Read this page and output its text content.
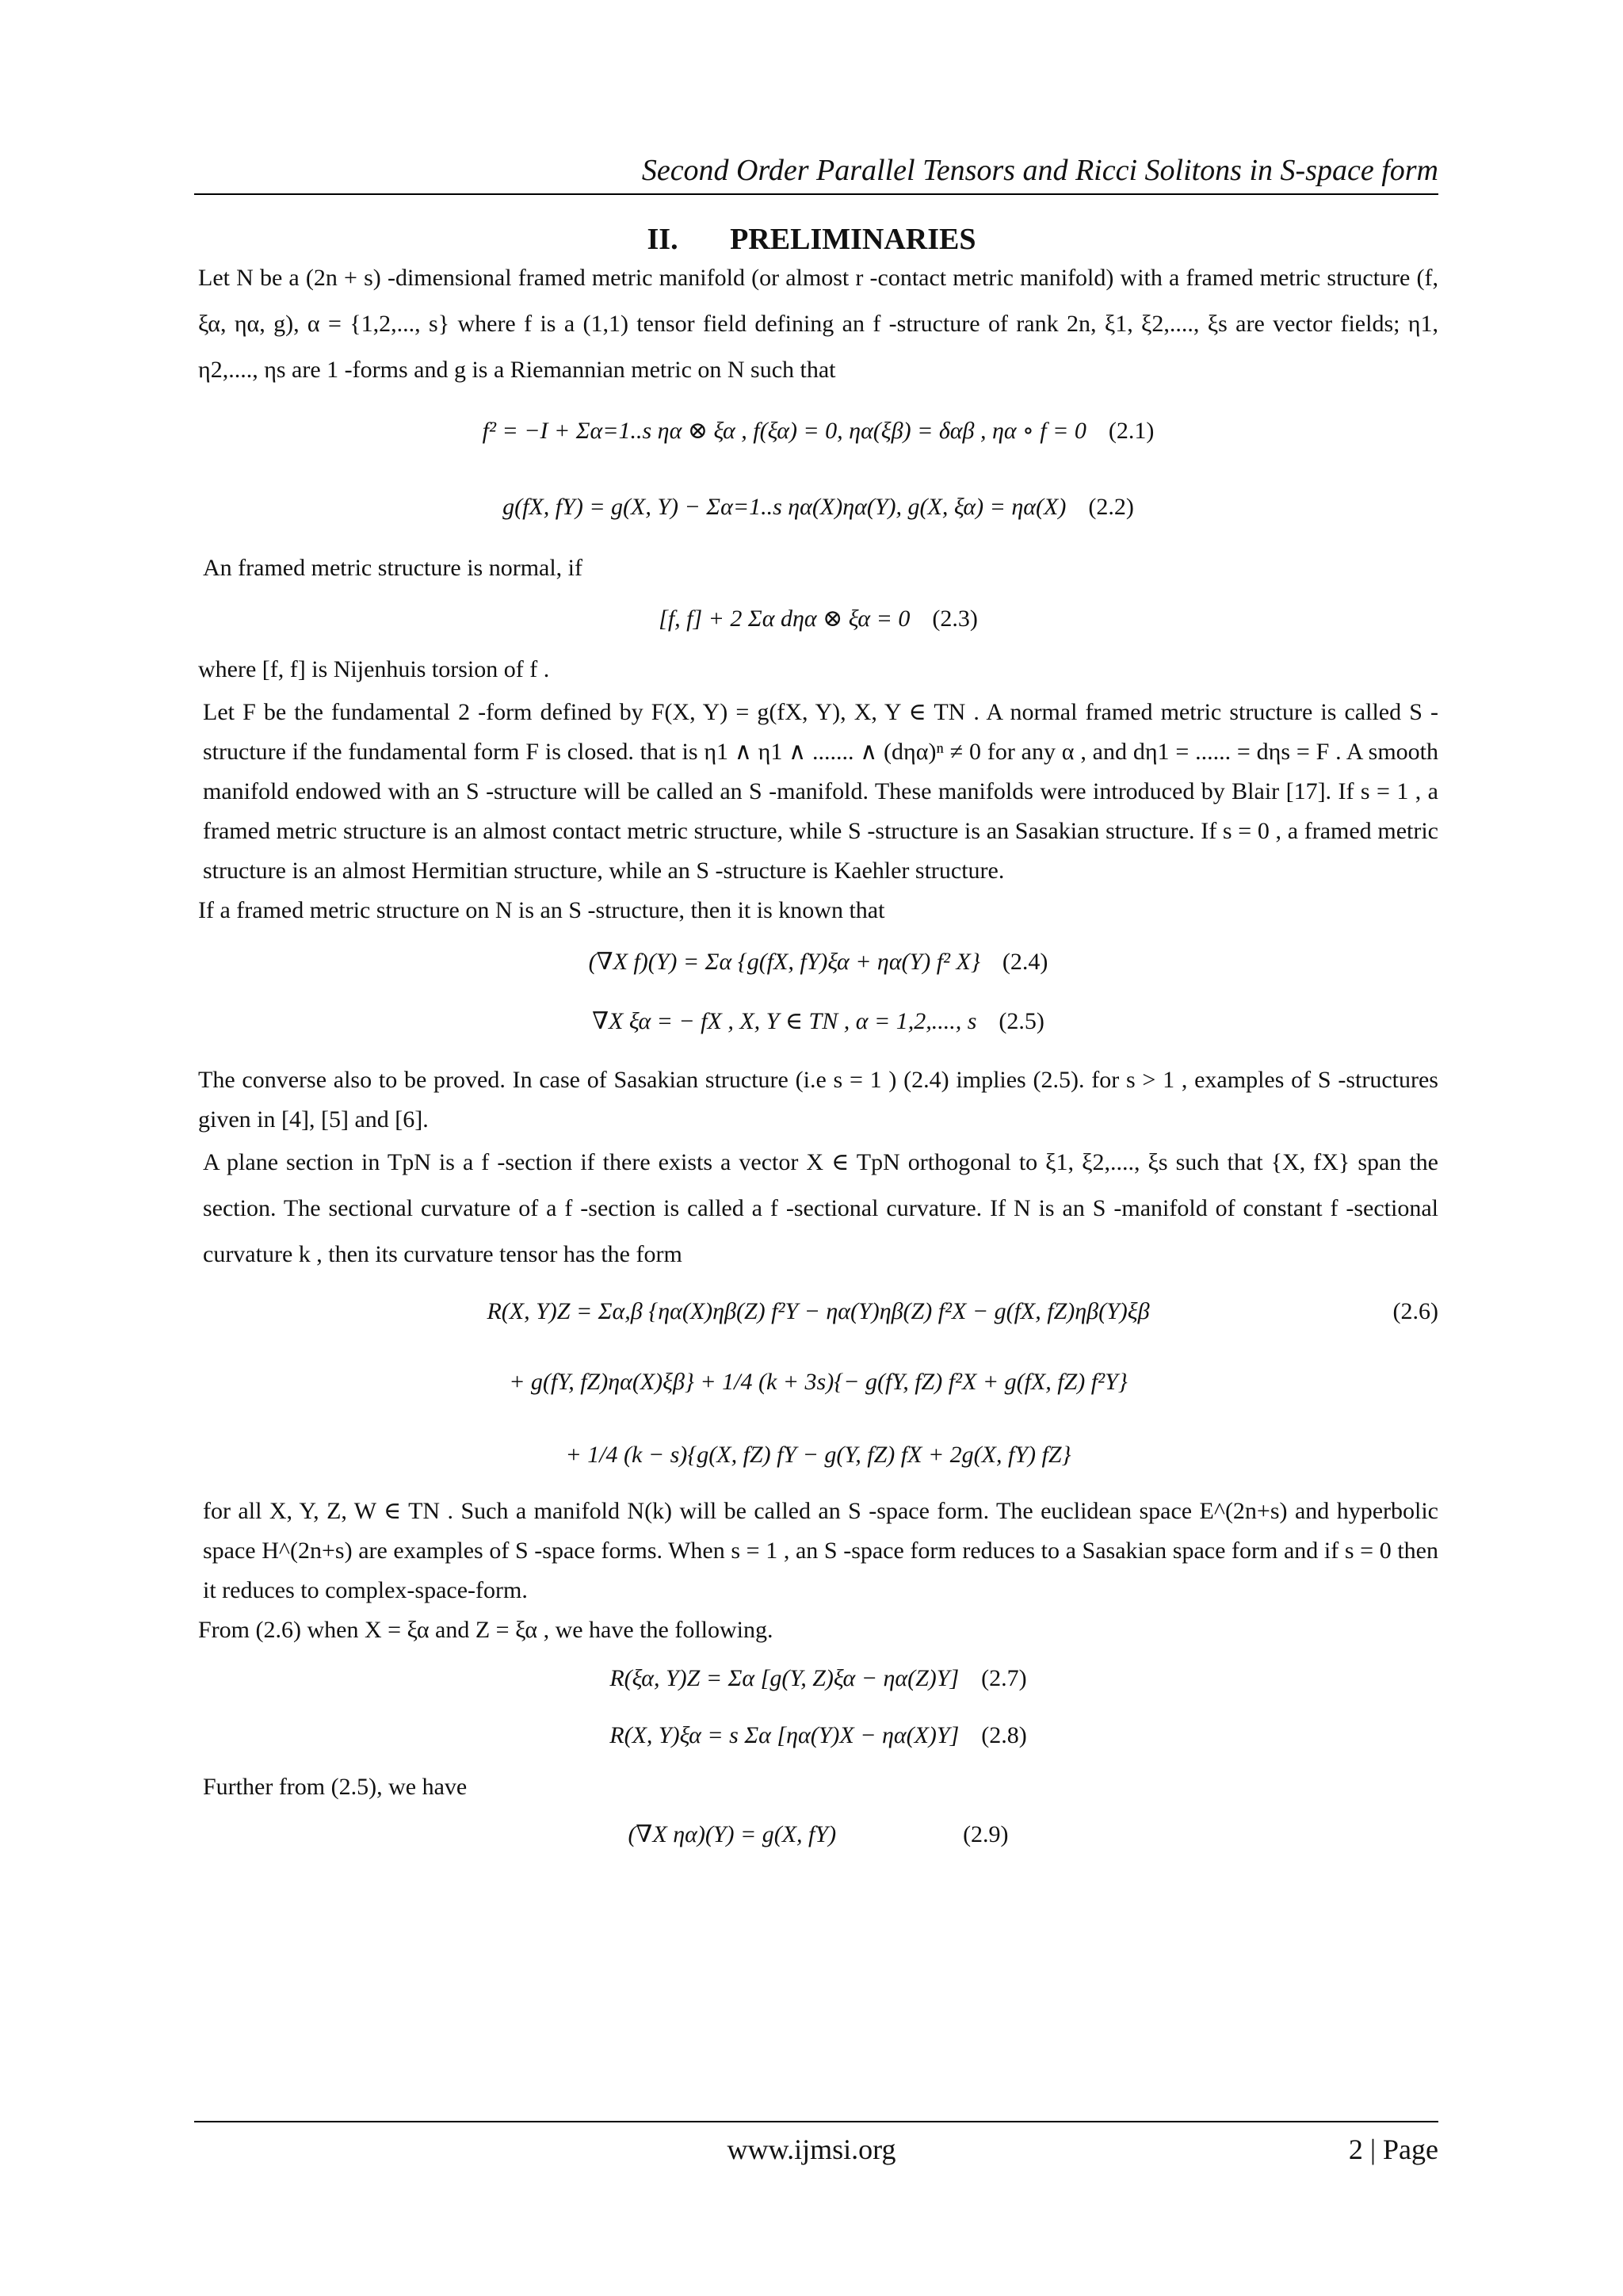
Second Order Parallel Tensors and Ricci Solitons in S-space form
II. PRELIMINARIES

Let N be a (2n + s) -dimensional framed metric manifold (or almost r -contact metric manifold) with a framed metric structure (f, ξα, ηα, g), α = {1,2,..., s} where f is a (1,1) tensor field defining an f -structure of rank 2n, ξ1, ξ2,...., ξs are vector fields; η1, η2,...., ηs are 1 -forms and g is a Riemannian metric on N such that

f² = −I + Σα=1..s ηα ⊗ ξα , f(ξα) = 0, ηα(ξβ) = δαβ , ηα ∘ f = 0 (2.1)
g(fX, fY) = g(X, Y) − Σα=1..s ηα(X)ηα(Y), g(X, ξα) = ηα(X) (2.2)

An framed metric structure is normal, if

[f, f] + 2 Σα dηα ⊗ ξα = 0 (2.3)

where [f, f] is Nijenhuis torsion of f .

Let F be the fundamental 2 -form defined by F(X, Y) = g(fX, Y), X, Y ∈ TN . A normal framed metric structure is called S -structure if the fundamental form F is closed. that is η1 ∧ η1 ∧ ....... ∧ (dηα)ⁿ ≠ 0 for any α , and dη1 = ...... = dηs = F . A smooth manifold endowed with an S -structure will be called an S -manifold. These manifolds were introduced by Blair [17]. If s = 1 , a framed metric structure is an almost contact metric structure, while S -structure is an Sasakian structure. If s = 0 , a framed metric structure is an almost Hermitian structure, while an S -structure is Kaehler structure.

If a framed metric structure on N is an S -structure, then it is known that

(∇X f)(Y) = Σα {g(fX, fY)ξα + ηα(Y) f² X} (2.4)
∇X ξα = − fX , X, Y ∈ TN , α = 1,2,...., s (2.5)

The converse also to be proved. In case of Sasakian structure (i.e s = 1 ) (2.4) implies (2.5). for s > 1 , examples of S -structures given in [4], [5] and [6].

A plane section in TpN is a f -section if there exists a vector X ∈ TpN orthogonal to ξ1, ξ2,...., ξs such that {X, fX} span the section. The sectional curvature of a f -section is called a f -sectional curvature. If N is an S -manifold of constant f -sectional curvature k , then its curvature tensor has the form

R(X, Y)Z = Σα,β {ηα(X)ηβ(Z) f²Y − ηα(Y)ηβ(Z) f²X − g(fX, fZ)ηβ(Y)ξβ	(2.6)
+ g(fY, fZ)ηα(X)ξβ} + 1/4 (k + 3s){− g(fY, fZ) f²X + g(fX, fZ) f²Y}
+ 1/4 (k − s){g(X, fZ) fY − g(Y, fZ) fX + 2g(X, fY) fZ}

for all X, Y, Z, W ∈ TN . Such a manifold N(k) will be called an S -space form. The euclidean space E^(2n+s) and hyperbolic space H^(2n+s) are examples of S -space forms. When s = 1 , an S -space form reduces to a Sasakian space form and if s = 0 then it reduces to complex-space-form.

From (2.6) when X = ξα and Z = ξα , we have the following.

R(ξα, Y)Z = Σα [g(Y, Z)ξα − ηα(Z)Y] (2.7)
R(X, Y)ξα = s Σα [ηα(Y)X − ηα(X)Y] (2.8)

Further from (2.5), we have

(∇X ηα)(Y) = g(X, fY)	(2.9)
www.ijmsi.org	2 | Page
